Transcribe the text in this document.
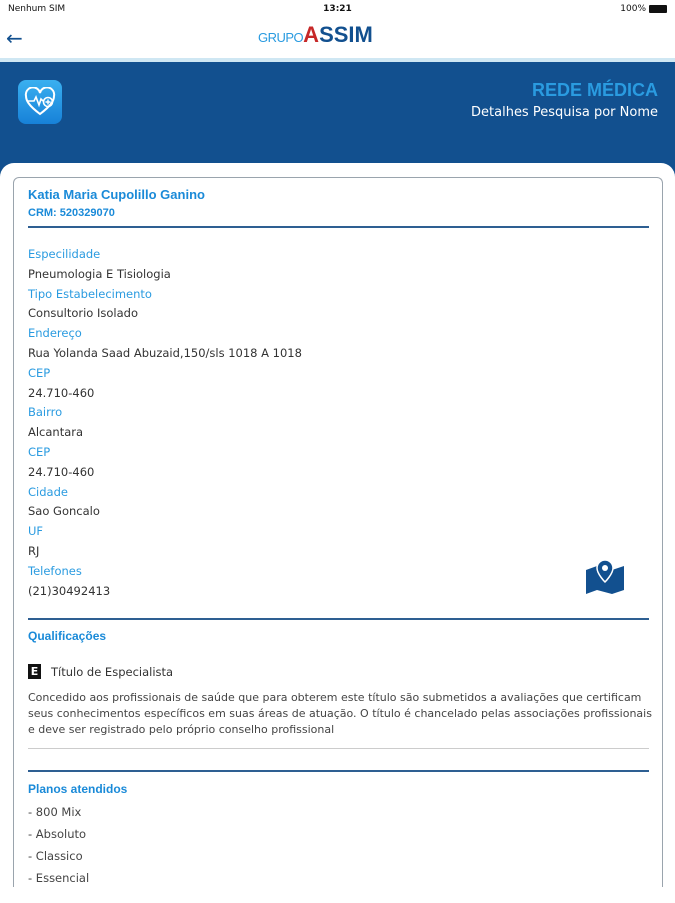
Nenhum SIM	13:21	100%
←	GRUPO A SSIM
REDE MÉDICA
Detalhes Pesquisa por Nome
Katia Maria Cupolillo Ganino
CRM: 520329070
Especilidade
Pneumologia E Tisiologia
Tipo Estabelecimento
Consultorio Isolado
Endereço
Rua Yolanda Saad Abuzaid,150/sls 1018 A 1018
CEP
24.710-460
Bairro
Alcantara
CEP
24.710-460
Cidade
Sao Goncalo
UF
RJ
Telefones
(21)30492413
Qualificações
E Título de Especialista
Concedido aos profissionais de saúde que para obterem este título são submetidos a avaliações que certificam seus conhecimentos específicos em suas áreas de atuação. O título é chancelado pelas associações profissionais e deve ser registrado pelo próprio conselho profissional
Planos atendidos
- 800 Mix
- Absoluto
- Classico
- Essencial
